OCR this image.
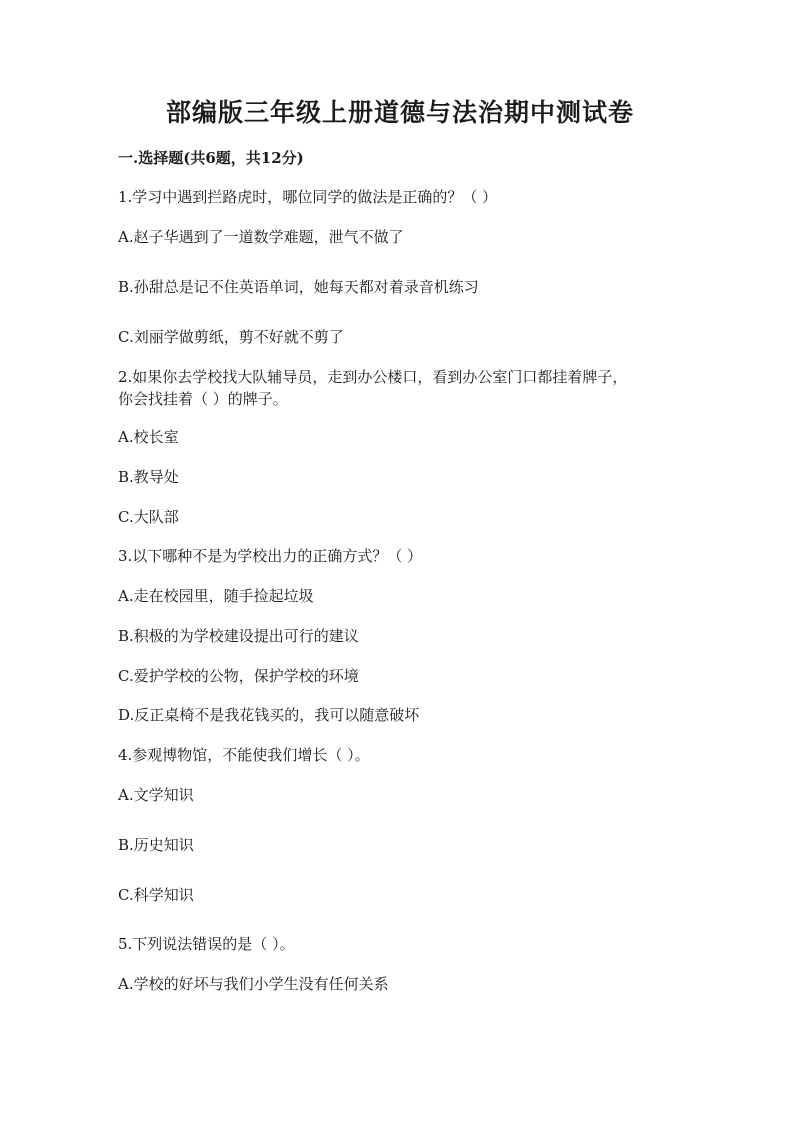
部编版三年级上册道德与法治期中测试卷
一.选择题(共6题，共12分)
1.学习中遇到拦路虎时，哪位同学的做法是正确的？（ ）
A.赵子华遇到了一道数学难题，泄气不做了
B.孙甜总是记不住英语单词，她每天都对着录音机练习
C.刘丽学做剪纸，剪不好就不剪了
2.如果你去学校找大队辅导员，走到办公楼口，看到办公室门口都挂着牌子，
你会找挂着（ ）的牌子。
A.校长室
B.教导处
C.大队部
3.以下哪种不是为学校出力的正确方式？（ ）
A.走在校园里，随手捡起垃圾
B.积极的为学校建设提出可行的建议
C.爱护学校的公物，保护学校的环境
D.反正桌椅不是我花钱买的，我可以随意破坏
4.参观博物馆，不能使我们增长（ ）。
A.文学知识
B.历史知识
C.科学知识
5.下列说法错误的是（ ）。
A.学校的好坏与我们小学生没有任何关系
